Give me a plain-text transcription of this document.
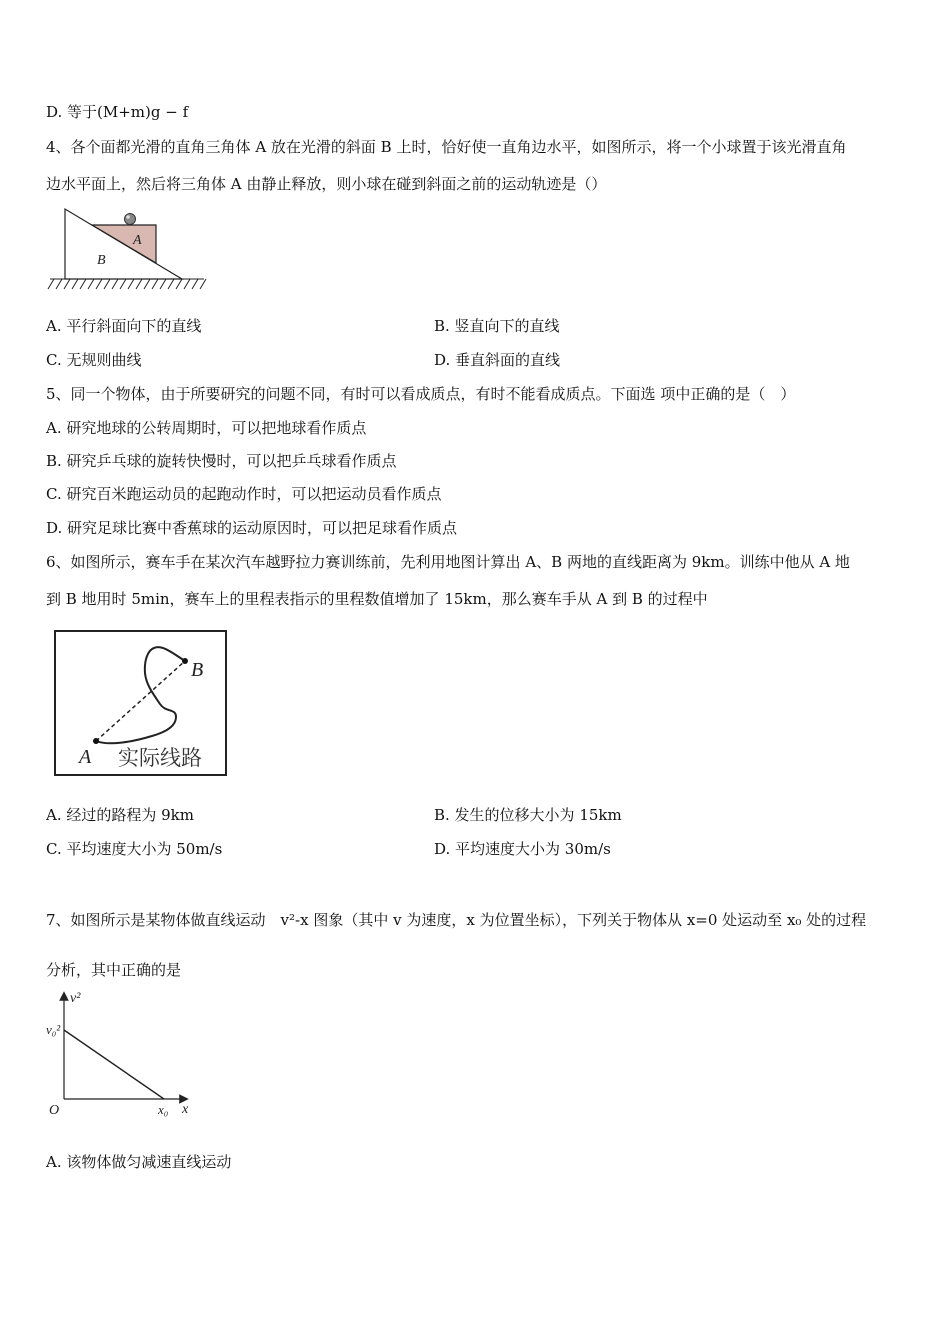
D. 等于(M+m)g − f
4、各个面都光滑的直角三角体 A 放在光滑的斜面 B 上时，恰好使一直角边水平，如图所示，将一个小球置于该光滑直角
边水平面上，然后将三角体 A 由静止释放，则小球在碰到斜面之前的运动轨迹是（）
A
B
A. 平行斜面向下的直线	B. 竖直向下的直线
C. 无规则曲线	D. 垂直斜面的直线
5、同一个物体，由于所要研究的问题不同，有时可以看成质点，有时不能看成质点。下面选 项中正确的是（　）
A. 研究地球的公转周期时，可以把地球看作质点
B. 研究乒乓球的旋转快慢时，可以把乒乓球看作质点
C. 研究百米跑运动员的起跑动作时，可以把运动员看作质点
D. 研究足球比赛中香蕉球的运动原因时，可以把足球看作质点
6、如图所示，赛车手在某次汽车越野拉力赛训练前，先利用地图计算出 A、B 两地的直线距离为 9km。训练中他从 A 地
到 B 地用时 5min，赛车上的里程表指示的里程数值增加了 15km，那么赛车手从 A 到 B 的过程中
B
A 实际线路
A. 经过的路程为 9km	B. 发生的位移大小为 15km
C. 平均速度大小为 50m/s	D. 平均速度大小为 30m/s
7、如图所示是某物体做直线运动　v²-x 图象（其中 v 为速度，x 为位置坐标），下列关于物体从 x=0 处运动至 x₀ 处的过程
分析，其中正确的是
v²
v₀²
O	x₀ x
A. 该物体做匀减速直线运动
